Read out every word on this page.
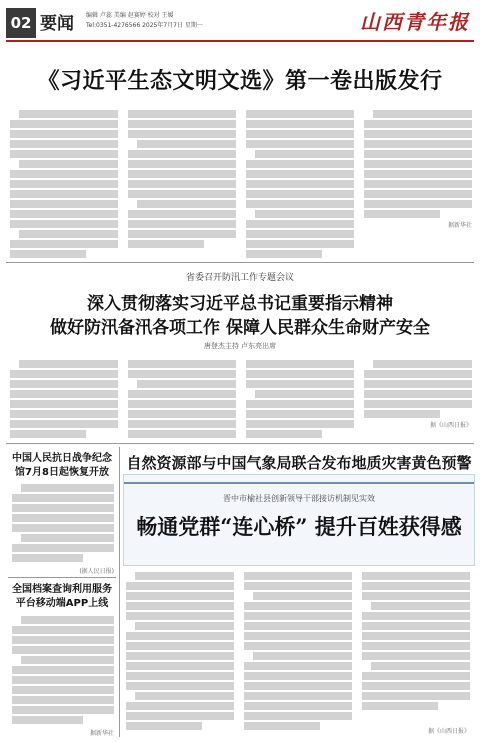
02 要闻 编辑 卢蕊 美编 赵赛婷 校对 王媛
Tel:0351-4276566 2025年7月7日 星期一	山西青年报
《习近平生态文明文选》第一卷出版发行
据新华社
省委召开防汛工作专题会议
深入贯彻落实习近平总书记重要指示精神
做好防汛备汛各项工作 保障人民群众生命财产安全
唐登杰主持 卢东亮出席
据《山西日报》
中国人民抗日战争纪念馆7月8日起恢复开放
(据人民日报)
全国档案查询利用服务平台移动端APP上线
据新华社
自然资源部与中国气象局联合发布地质灾害黄色预警
晋中市榆社县创新领导干部接访机制见实效
畅通党群“连心桥” 提升百姓获得感
据《山西日报》
